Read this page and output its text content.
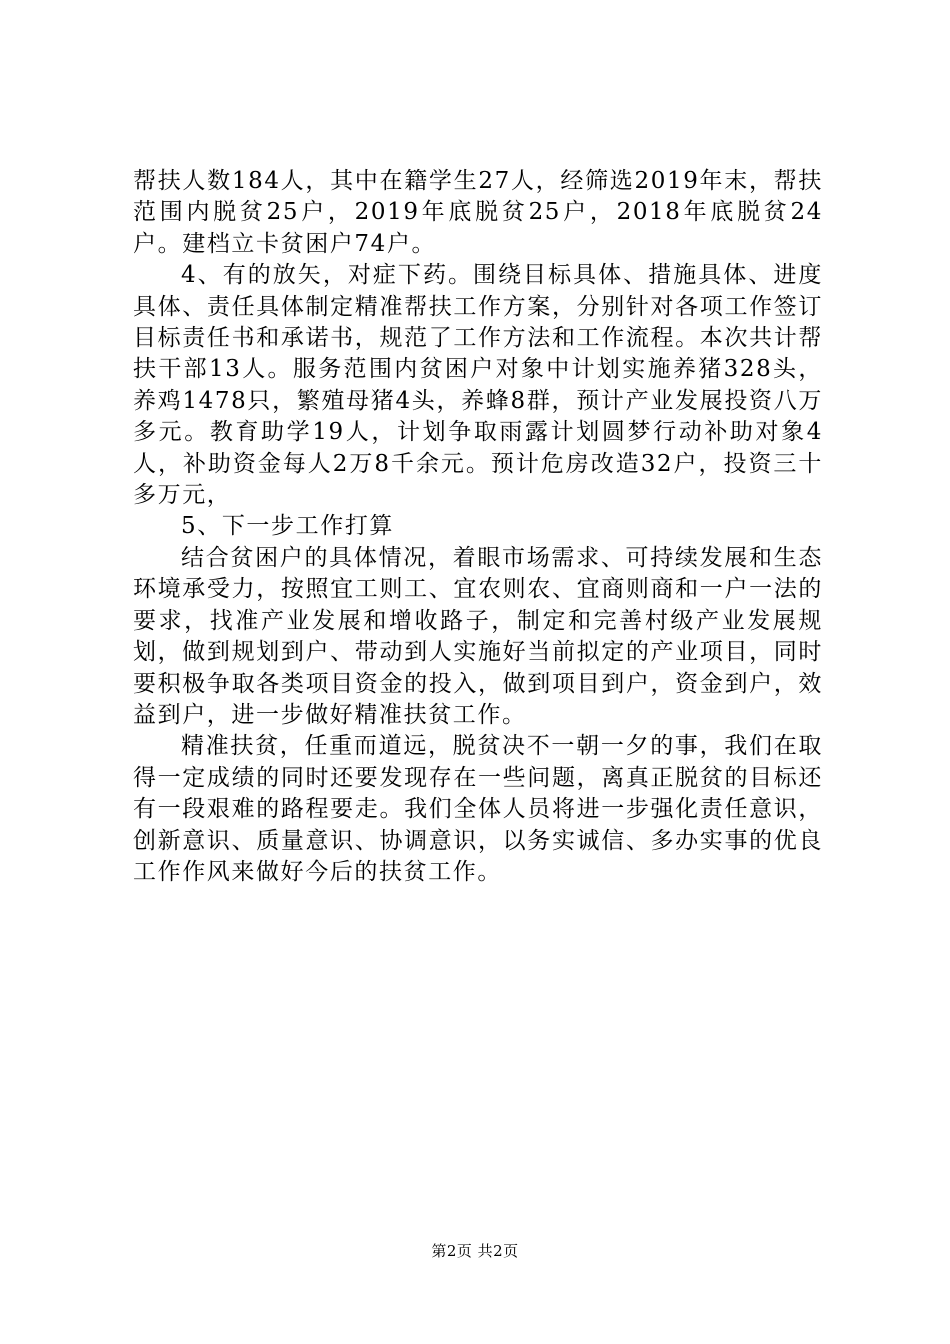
帮扶人数184人，其中在籍学生27人，经筛选2019年末，帮扶范围内脱贫25户，2019年底脱贫25户，2018年底脱贫24户。建档立卡贫困户74户。

4、有的放矢，对症下药。围绕目标具体、措施具体、进度具体、责任具体制定精准帮扶工作方案，分别针对各项工作签订目标责任书和承诺书，规范了工作方法和工作流程。本次共计帮扶干部13人。服务范围内贫困户对象中计划实施养猪328头，养鸡1478只，繁殖母猪4头，养蜂8群，预计产业发展投资八万多元。教育助学19人，计划争取雨露计划圆梦行动补助对象4人，补助资金每人2万8千余元。预计危房改造32户，投资三十多万元，

5、下一步工作打算

结合贫困户的具体情况，着眼市场需求、可持续发展和生态环境承受力，按照宜工则工、宜农则农、宜商则商和一户一法的要求，找准产业发展和增收路子，制定和完善村级产业发展规划，做到规划到户、带动到人实施好当前拟定的产业项目，同时要积极争取各类项目资金的投入，做到项目到户，资金到户，效益到户，进一步做好精准扶贫工作。

精准扶贫，任重而道远，脱贫决不一朝一夕的事，我们在取得一定成绩的同时还要发现存在一些问题，离真正脱贫的目标还有一段艰难的路程要走。我们全体人员将进一步强化责任意识，创新意识、质量意识、协调意识，以务实诚信、多办实事的优良工作作风来做好今后的扶贫工作。

第2页 共2页
